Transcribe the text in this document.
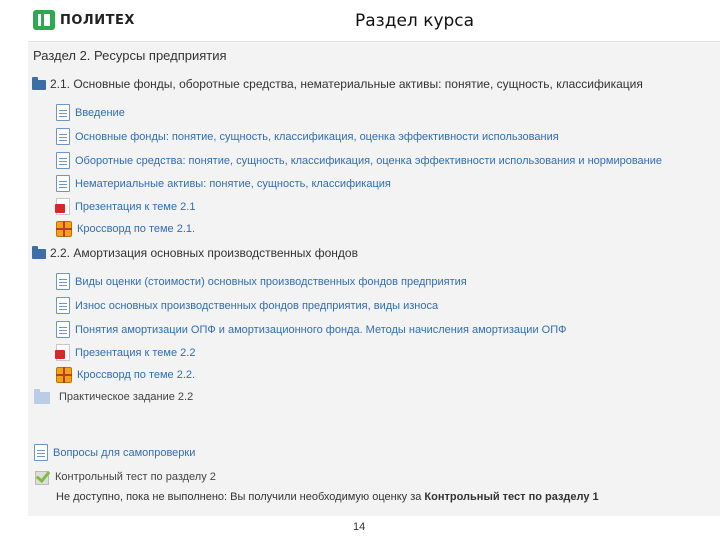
ПОЛИТЕХ	Раздел курса
Раздел 2. Ресурсы предприятия
2.1. Основные фонды, оборотные средства, нематериальные активы: понятие, сущность, классификация
Введение
Основные фонды: понятие, сущность, классификация, оценка эффективности использования
Оборотные средства: понятие, сущность, классификация, оценка эффективности использования и нормирование
Нематериальные активы: понятие, сущность, классификация
Презентация к теме 2.1
Кроссворд по теме 2.1.
2.2. Амортизация основных производственных фондов
Виды оценки (стоимости) основных производственных фондов предприятия
Износ основных производственных фондов предприятия, виды износа
Понятия амортизации ОПФ и амортизационного фонда. Методы начисления амортизации ОПФ
Презентация к теме 2.2
Кроссворд по теме 2.2.
Практическое задание 2.2
Вопросы для самопроверки
Контрольный тест по разделу 2
Не доступно, пока не выполнено: Вы получили необходимую оценку за Контрольный тест по разделу 1
14
